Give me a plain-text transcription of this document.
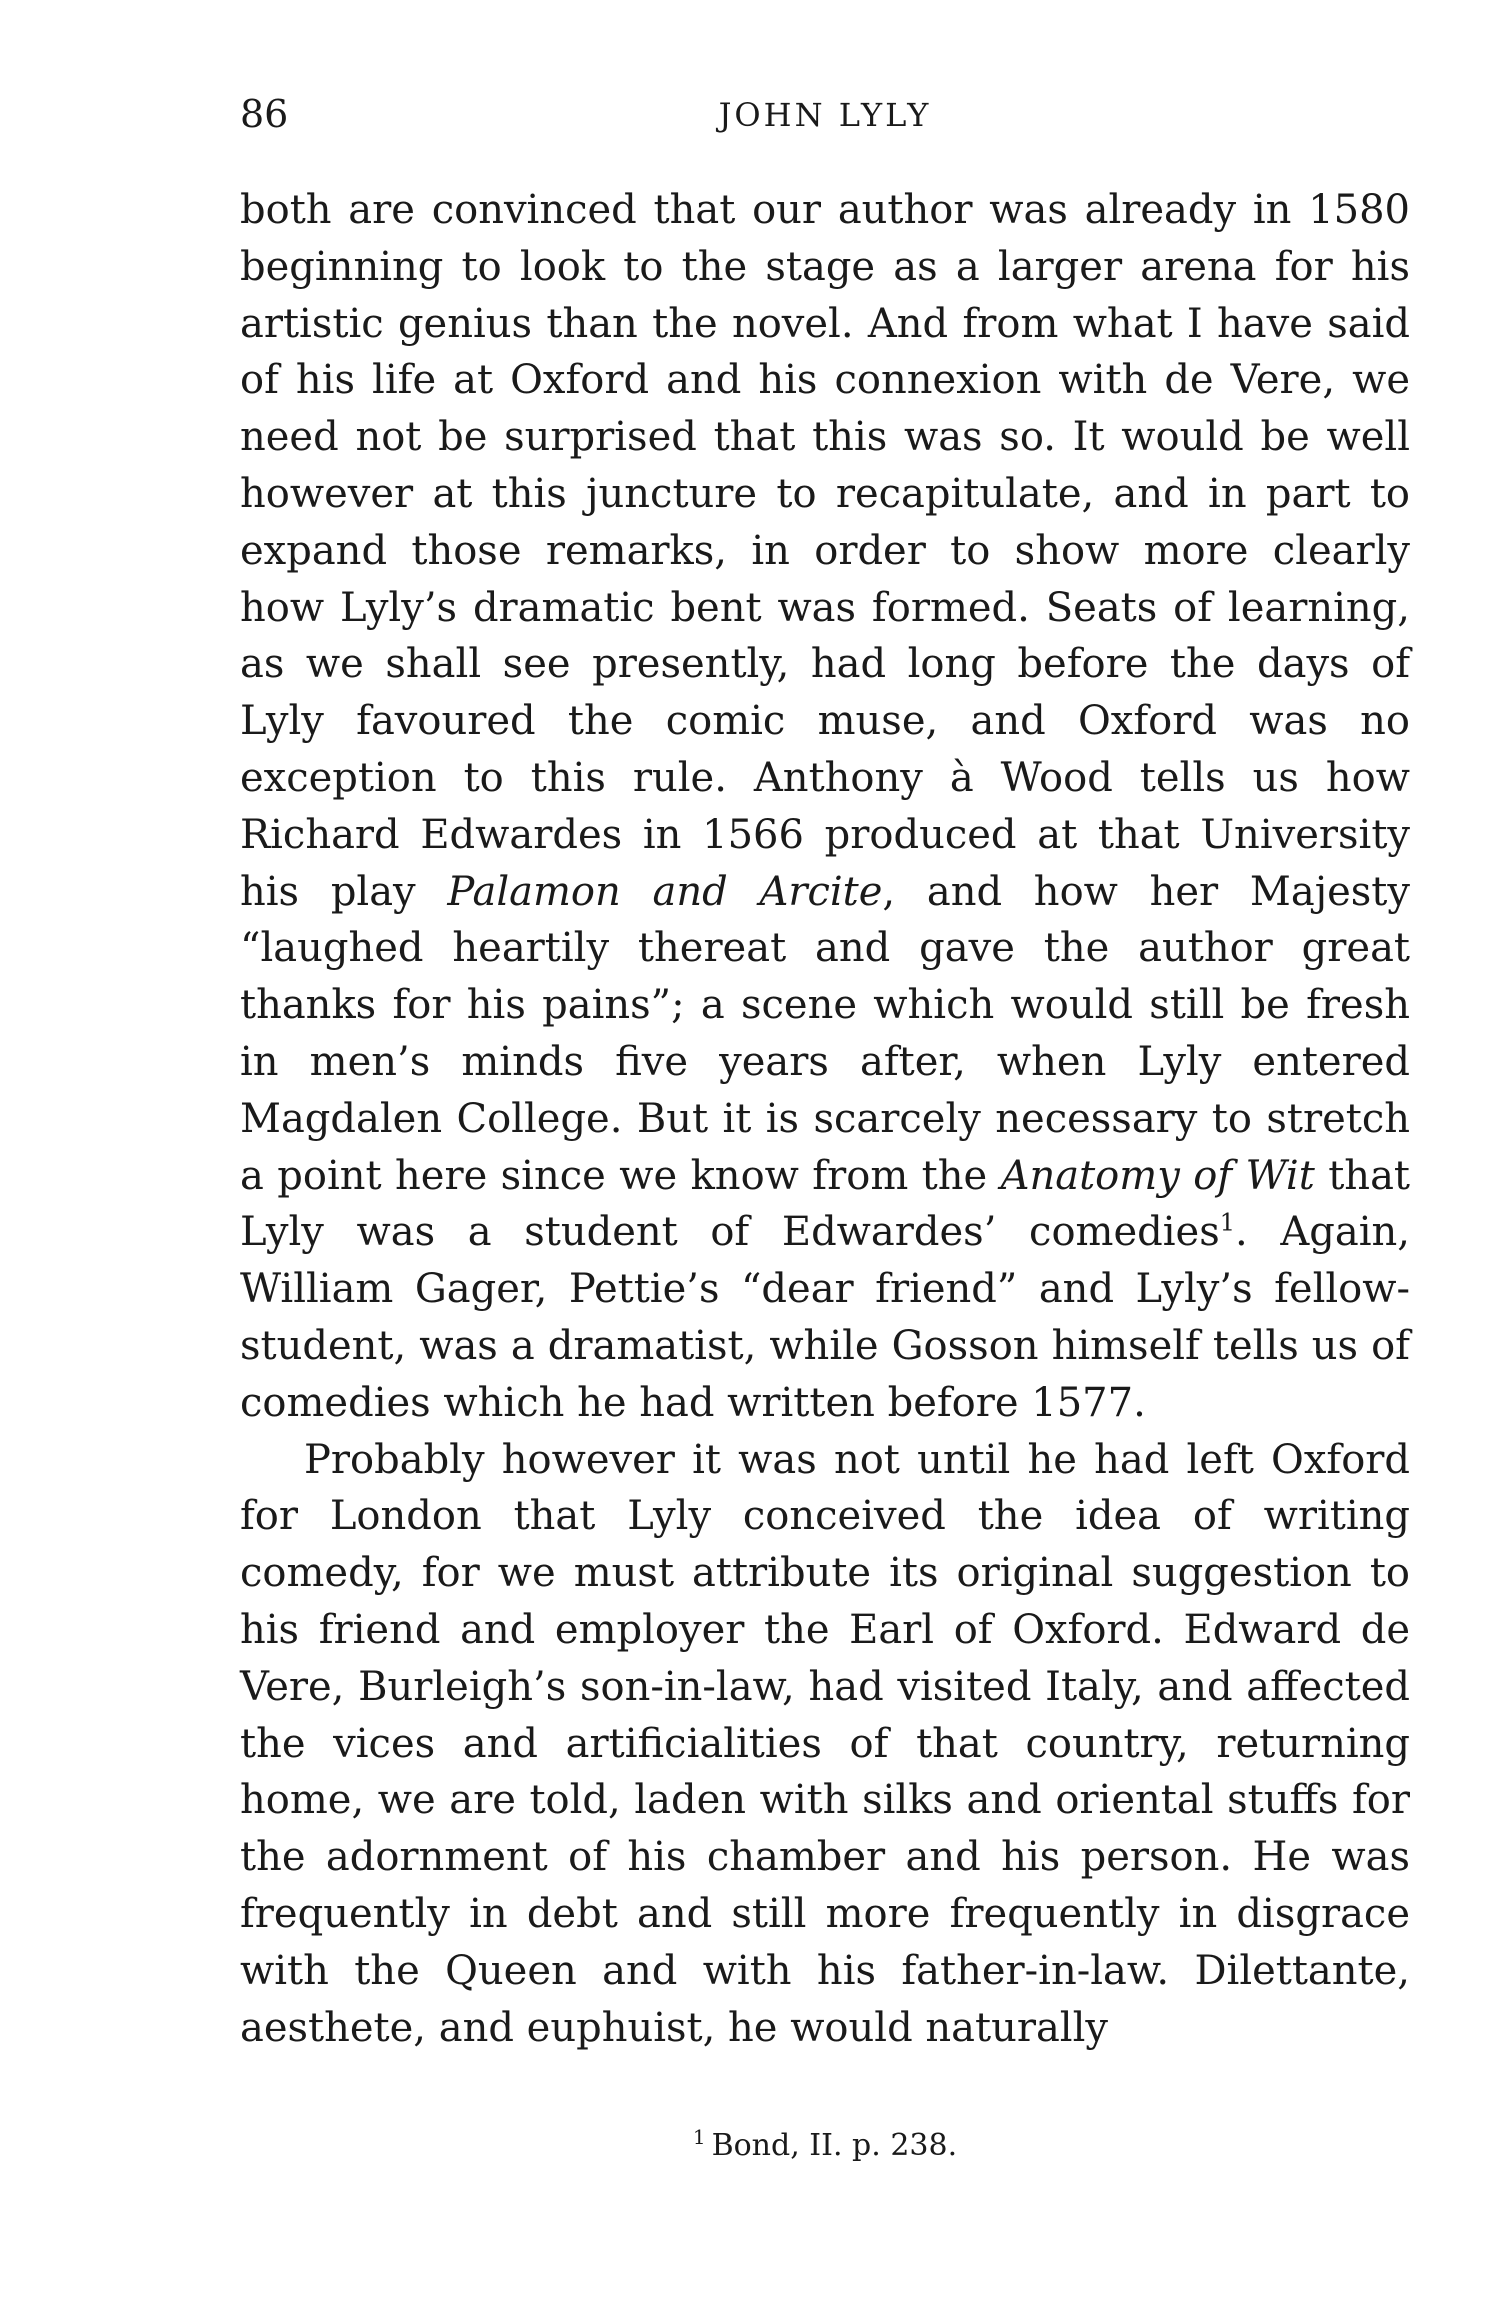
86	JOHN LYLY

both are convinced that our author was already in 1580 beginning to look to the stage as a larger arena for his artistic genius than the novel. And from what I have said of his life at Oxford and his connexion with de Vere, we need not be surprised that this was so. It would be well however at this juncture to recapitulate, and in part to expand those remarks, in order to show more clearly how Lyly’s dramatic bent was formed. Seats of learning, as we shall see presently, had long before the days of Lyly favoured the comic muse, and Oxford was no exception to this rule. Anthony à Wood tells us how Richard Edwardes in 1566 produced at that University his play Palamon and Arcite, and how her Majesty “laughed heartily thereat and gave the author great thanks for his pains”; a scene which would still be fresh in men’s minds five years after, when Lyly entered Magdalen College. But it is scarcely necessary to stretch a point here since we know from the Anatomy of Wit that Lyly was a student of Edwardes’ comedies$^1$. Again, William Gager, Pettie’s “dear friend” and Lyly’s fellow-student, was a dramatist, while Gosson himself tells us of comedies which he had written before 1577.

Probably however it was not until he had left Oxford for London that Lyly conceived the idea of writing comedy, for we must attribute its original suggestion to his friend and employer the Earl of Oxford. Edward de Vere, Burleigh’s son-in-law, had visited Italy, and affected the vices and artificialities of that country, returning home, we are told, laden with silks and oriental stuffs for the adornment of his chamber and his person. He was frequently in debt and still more frequently in disgrace with the Queen and with his father-in-law. Dilettante, aesthete, and euphuist, he would naturally

$^1$ Bond, II. p. 238.
